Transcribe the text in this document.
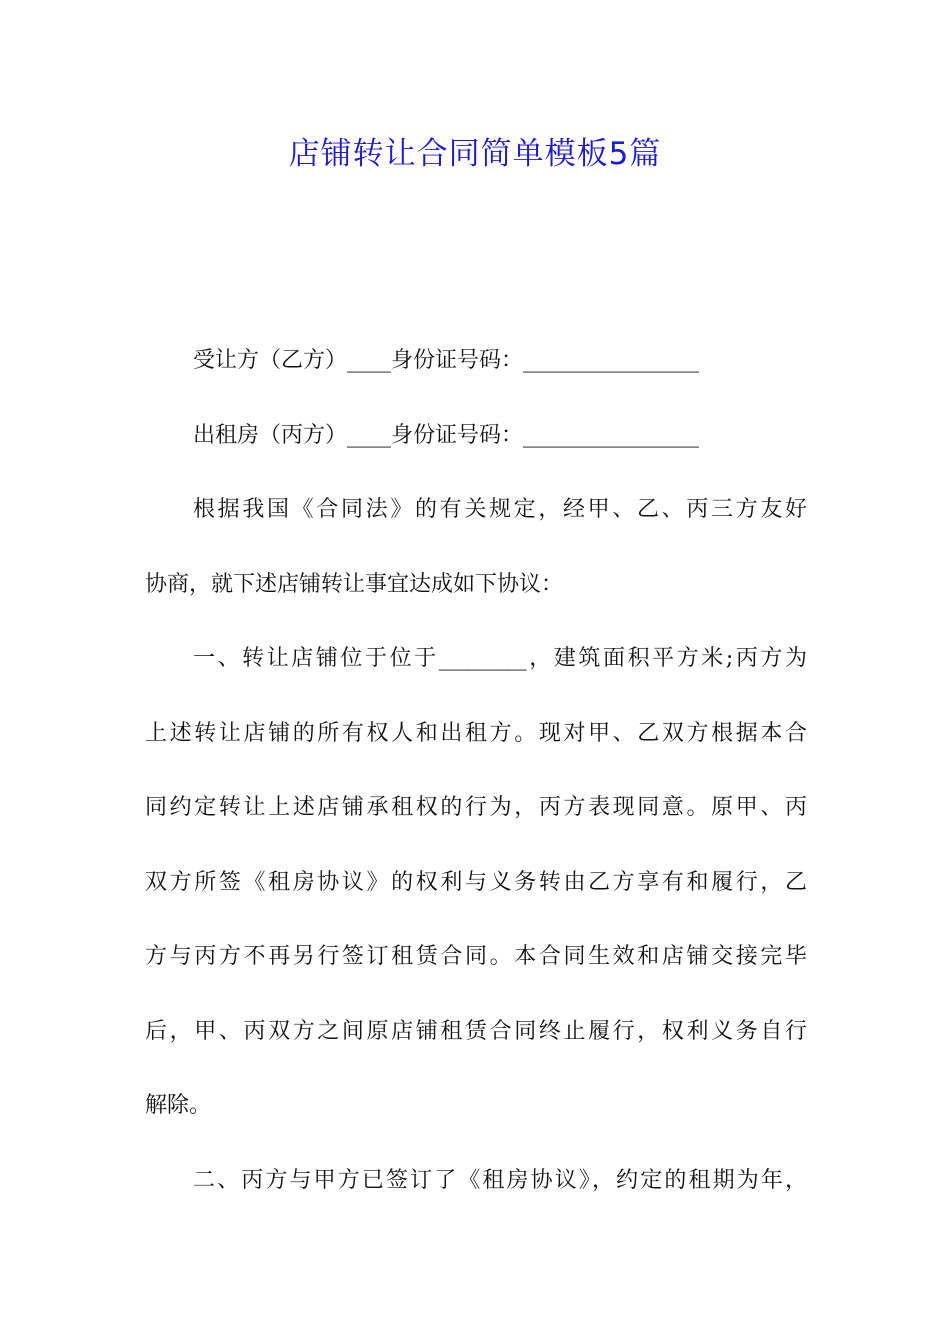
店铺转让合同简单模板5篇
受让方（乙方）____身份证号码：________________
出租房（丙方）____身份证号码：________________
根据我国《合同法》的有关规定，经甲、乙、丙三方友好
协商，就下述店铺转让事宜达成如下协议：
一、转让店铺位于位于________，建筑面积平方米;丙方为
上述转让店铺的所有权人和出租方。现对甲、乙双方根据本合
同约定转让上述店铺承租权的行为，丙方表现同意。原甲、丙
双方所签《租房协议》的权利与义务转由乙方享有和履行，乙
方与丙方不再另行签订租赁合同。本合同生效和店铺交接完毕
后，甲、丙双方之间原店铺租赁合同终止履行，权利义务自行
解除。
二、丙方与甲方已签订了《租房协议》，约定的租期为年，
